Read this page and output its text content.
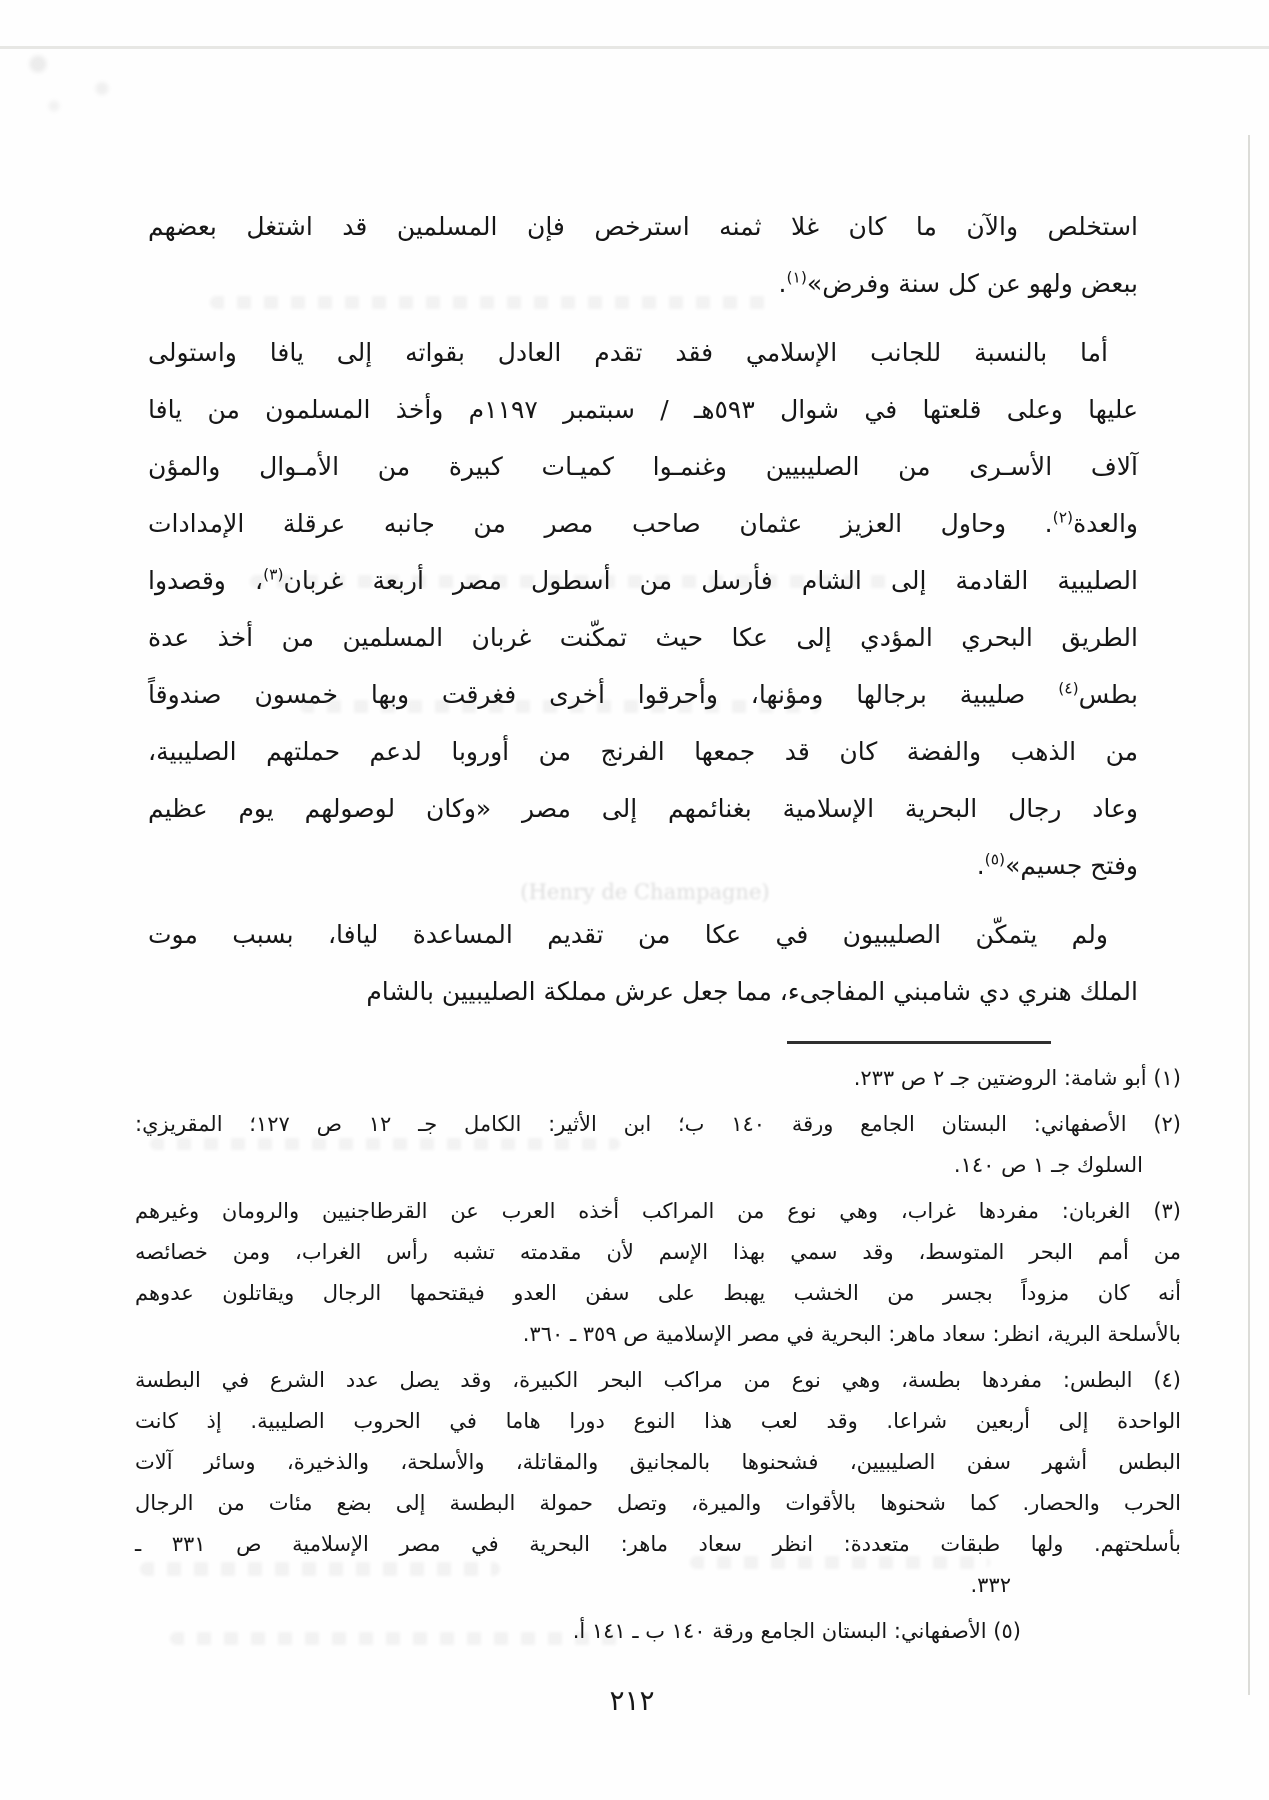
(Henry de Champagne)
استخلص والآن ما كان غلا ثمنه استرخص فإن المسلمين قد اشتغل بعضهم
ببعض ولهو عن كل سنة وفرض»$^{(١)}$.
أما بالنسبة للجانب الإسلامي فقد تقدم العادل بقواته إلى يافا واستولى
عليها وعلى قلعتها في شوال ٥٩٣هـ / سبتمبر ١١٩٧م وأخذ المسلمون من يافا
آلاف الأسـرى من الصليبيين وغنمـوا كميـات كبيرة من الأمـوال والمؤن
والعدة$^{(٢)}$. وحاول العزيز عثمان صاحب مصر من جانبه عرقلة الإمدادات
الصليبية القادمة إلى الشام فأرسل من أسطول مصر أربعة غربان$^{(٣)}$، وقصدوا
الطريق البحري المؤدي إلى عكا حيث تمكّنت غربان المسلمين من أخذ عدة
بطس$^{(٤)}$ صليبية برجالها ومؤنها، وأحرقوا أخرى فغرقت وبها خمسون صندوقاً
من الذهب والفضة كان قد جمعها الفرنج من أوروبا لدعم حملتهم الصليبية،
وعاد رجال البحرية الإسلامية بغنائمهم إلى مصر «وكان لوصولهم يوم عظيم
وفتح جسيم»$^{(٥)}$.
ولم يتمكّن الصليبيون في عكا من تقديم المساعدة ليافا، بسبب موت
الملك هنري دي شامبني المفاجىء، مما جعل عرش مملكة الصليبيين بالشام
(١) أبو شامة: الروضتين جـ ٢ ص ٢٣٣.
(٢) الأصفهاني: البستان الجامع ورقة ١٤٠ ب؛ ابن الأثير: الكامل جـ ١٢ ص ١٢٧؛ المقريزي:
السلوك جـ ١ ص ١٤٠.
(٣) الغربان: مفردها غراب، وهي نوع من المراكب أخذه العرب عن القرطاجنيين والرومان وغيرهم
من أمم البحر المتوسط، وقد سمي بهذا الإسم لأن مقدمته تشبه رأس الغراب، ومن خصائصه
أنه كان مزوداً بجسر من الخشب يهبط على سفن العدو فيقتحمها الرجال ويقاتلون عدوهم
بالأسلحة البرية، انظر: سعاد ماهر: البحرية في مصر الإسلامية ص ٣٥٩ ـ ٣٦٠.
(٤) البطس: مفردها بطسة، وهي نوع من مراكب البحر الكبيرة، وقد يصل عدد الشرع في البطسة
الواحدة إلى أربعين شراعا. وقد لعب هذا النوع دورا هاما في الحروب الصليبية. إذ كانت
البطس أشهر سفن الصليبيين، فشحنوها بالمجانيق والمقاتلة، والأسلحة، والذخيرة، وسائر آلات
الحرب والحصار. كما شحنوها بالأقوات والميرة، وتصل حمولة البطسة إلى بضع مئات من الرجال
بأسلحتهم. ولها طبقات متعددة: انظر سعاد ماهر: البحرية في مصر الإسلامية ص ٣٣١ ـ
٣٣٢.
(٥) الأصفهاني: البستان الجامع ورقة ١٤٠ ب ـ ١٤١ أ.
٢١٢
